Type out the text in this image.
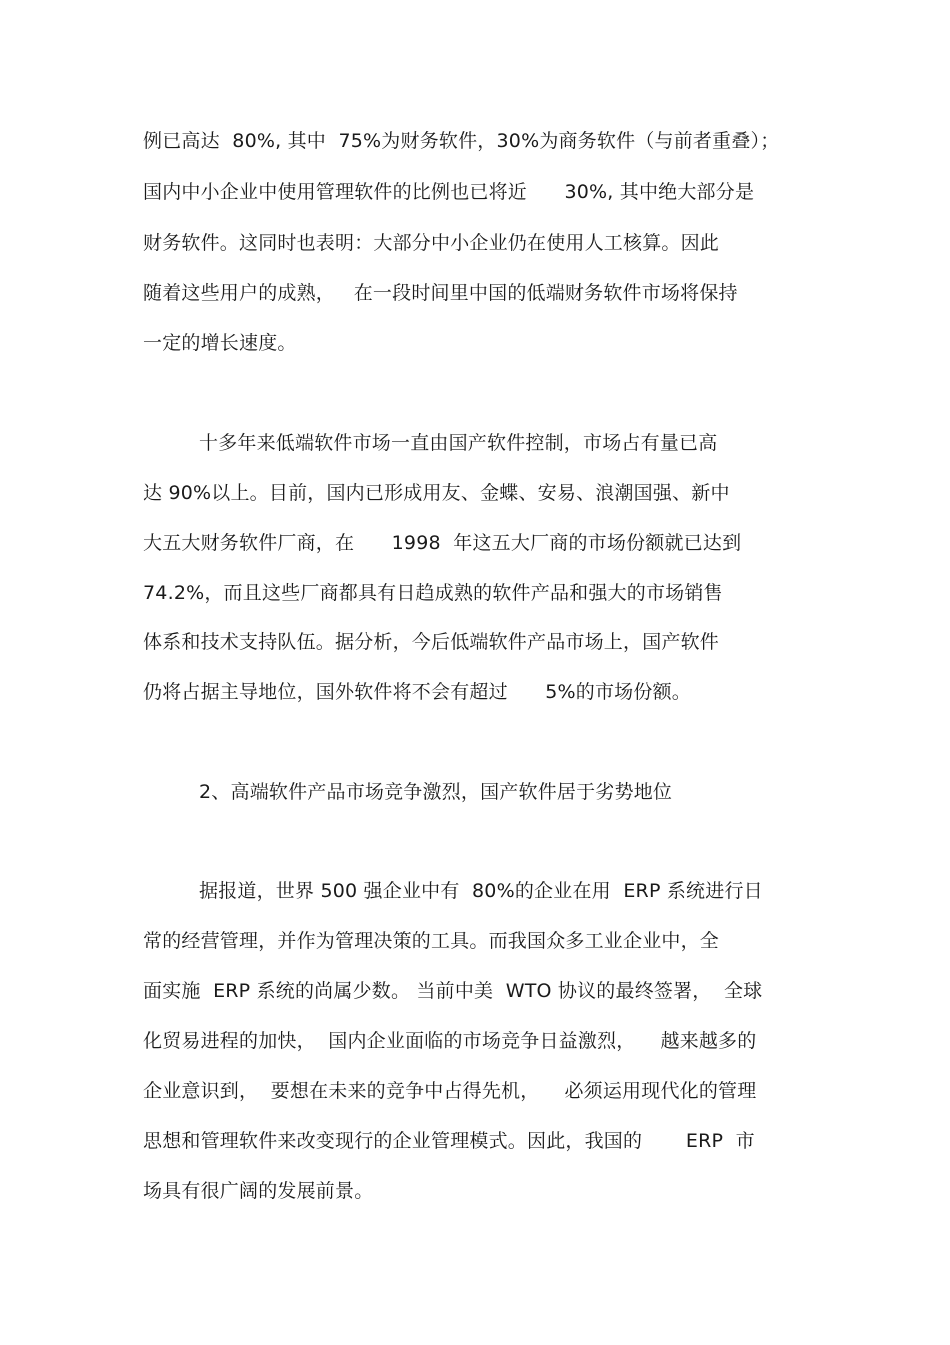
例已高达  80%, 其中  75%为财务软件，30%为商务软件（与前者重叠）；
国内中小企业中使用管理软件的比例也已将近      30%, 其中绝大部分是
财务软件。这同时也表明：大部分中小企业仍在使用人工核算。因此
随着这些用户的成熟，   在一段时间里中国的低端财务软件市场将保持
一定的增长速度。
十多年来低端软件市场一直由国产软件控制，市场占有量已高
达 90%以上。目前，国内已形成用友、金蝶、安易、浪潮国强、新中
大五大财务软件厂商，在      1998  年这五大厂商的市场份额就已达到
74.2%，而且这些厂商都具有日趋成熟的软件产品和强大的市场销售
体系和技术支持队伍。据分析，今后低端软件产品市场上，国产软件
仍将占据主导地位，国外软件将不会有超过      5%的市场份额。
2、高端软件产品市场竞争激烈，国产软件居于劣势地位
据报道，世界 500 强企业中有  80%的企业在用  ERP 系统进行日
常的经营管理，并作为管理决策的工具。而我国众多工业企业中，全
面实施  ERP 系统的尚属少数。 当前中美  WTO 协议的最终签署，  全球
化贸易进程的加快，  国内企业面临的市场竞争日益激烈，    越来越多的
企业意识到，  要想在未来的竞争中占得先机，    必须运用现代化的管理
思想和管理软件来改变现行的企业管理模式。因此，我国的       ERP  市
场具有很广阔的发展前景。
